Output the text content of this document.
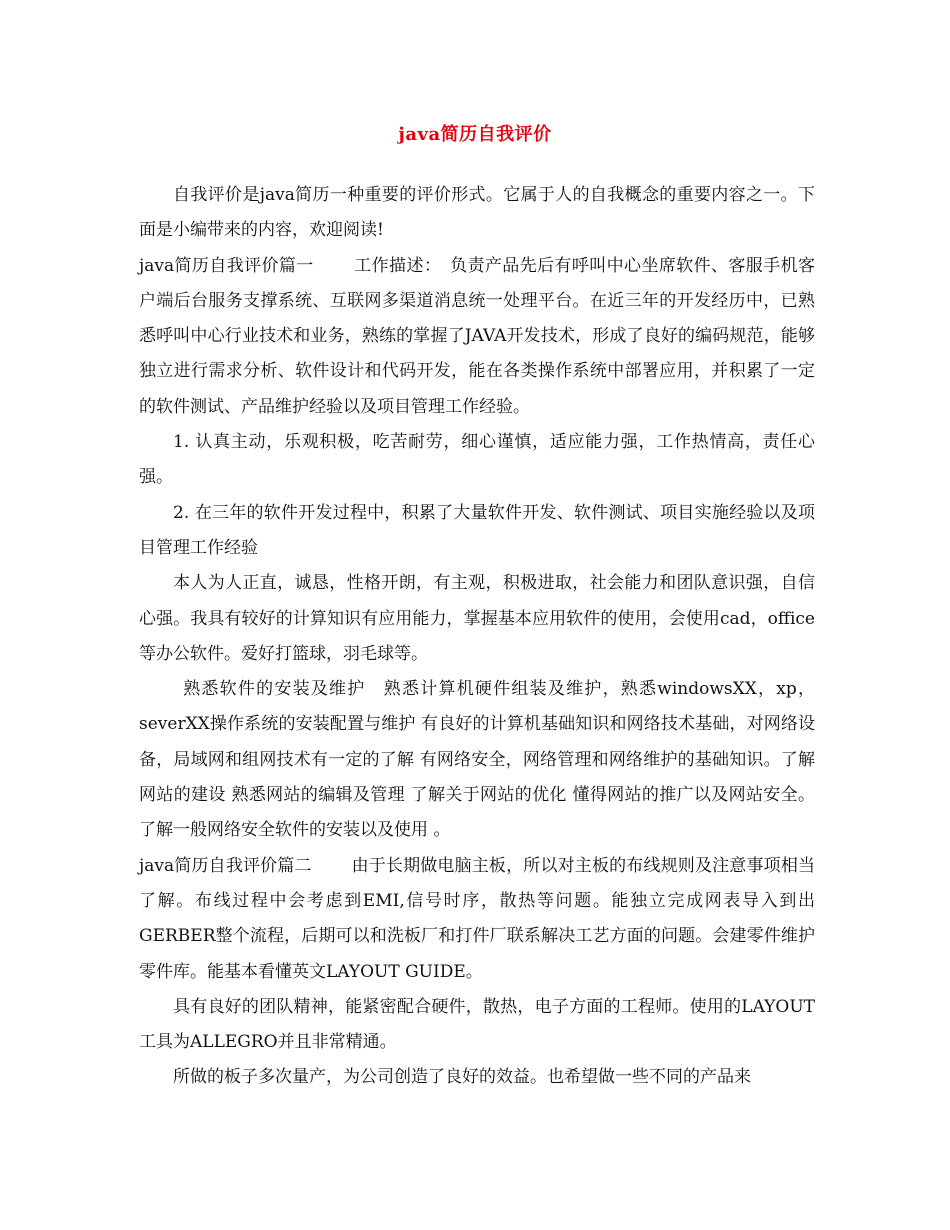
java简历自我评价

自我评价是java简历一种重要的评价形式。它属于人的自我概念的重要内容之一。下面是小编带来的内容，欢迎阅读!

java简历自我评价篇一　　 工作描述：　负责产品先后有呼叫中心坐席软件、客服手机客户端后台服务支撑系统、互联网多渠道消息统一处理平台。在近三年的开发经历中，已熟悉呼叫中心行业技术和业务，熟练的掌握了JAVA开发技术，形成了良好的编码规范，能够独立进行需求分析、软件设计和代码开发，能在各类操作系统中部署应用，并积累了一定的软件测试、产品维护经验以及项目管理工作经验。

1. 认真主动，乐观积极，吃苦耐劳，细心谨慎，适应能力强，工作热情高，责任心强。

2. 在三年的软件开发过程中，积累了大量软件开发、软件测试、项目实施经验以及项目管理工作经验

本人为人正直，诚恳，性格开朗，有主观，积极进取，社会能力和团队意识强，自信心强。我具有较好的计算知识有应用能力，掌握基本应用软件的使用，会使用cad，office等办公软件。爱好打篮球，羽毛球等。

熟悉软件的安装及维护　熟悉计算机硬件组装及维护，熟悉windowsXX，xp，severXX操作系统的安装配置与维护 有良好的计算机基础知识和网络技术基础，对网络设备，局域网和组网技术有一定的了解 有网络安全，网络管理和网络维护的基础知识。了解网站的建设 熟悉网站的编辑及管理 了解关于网站的优化 懂得网站的推广以及网站安全。了解一般网络安全软件的安装以及使用 。

java简历自我评价篇二　　 由于长期做电脑主板，所以对主板的布线规则及注意事项相当了解。布线过程中会考虑到EMI,信号时序，散热等问题。能独立完成网表导入到出GERBER整个流程，后期可以和洗板厂和打件厂联系解决工艺方面的问题。会建零件维护零件库。能基本看懂英文LAYOUT GUIDE。

具有良好的团队精神，能紧密配合硬件，散热，电子方面的工程师。使用的LAYOUT工具为ALLEGRO并且非常精通。

所做的板子多次量产，为公司创造了良好的效益。也希望做一些不同的产品来
